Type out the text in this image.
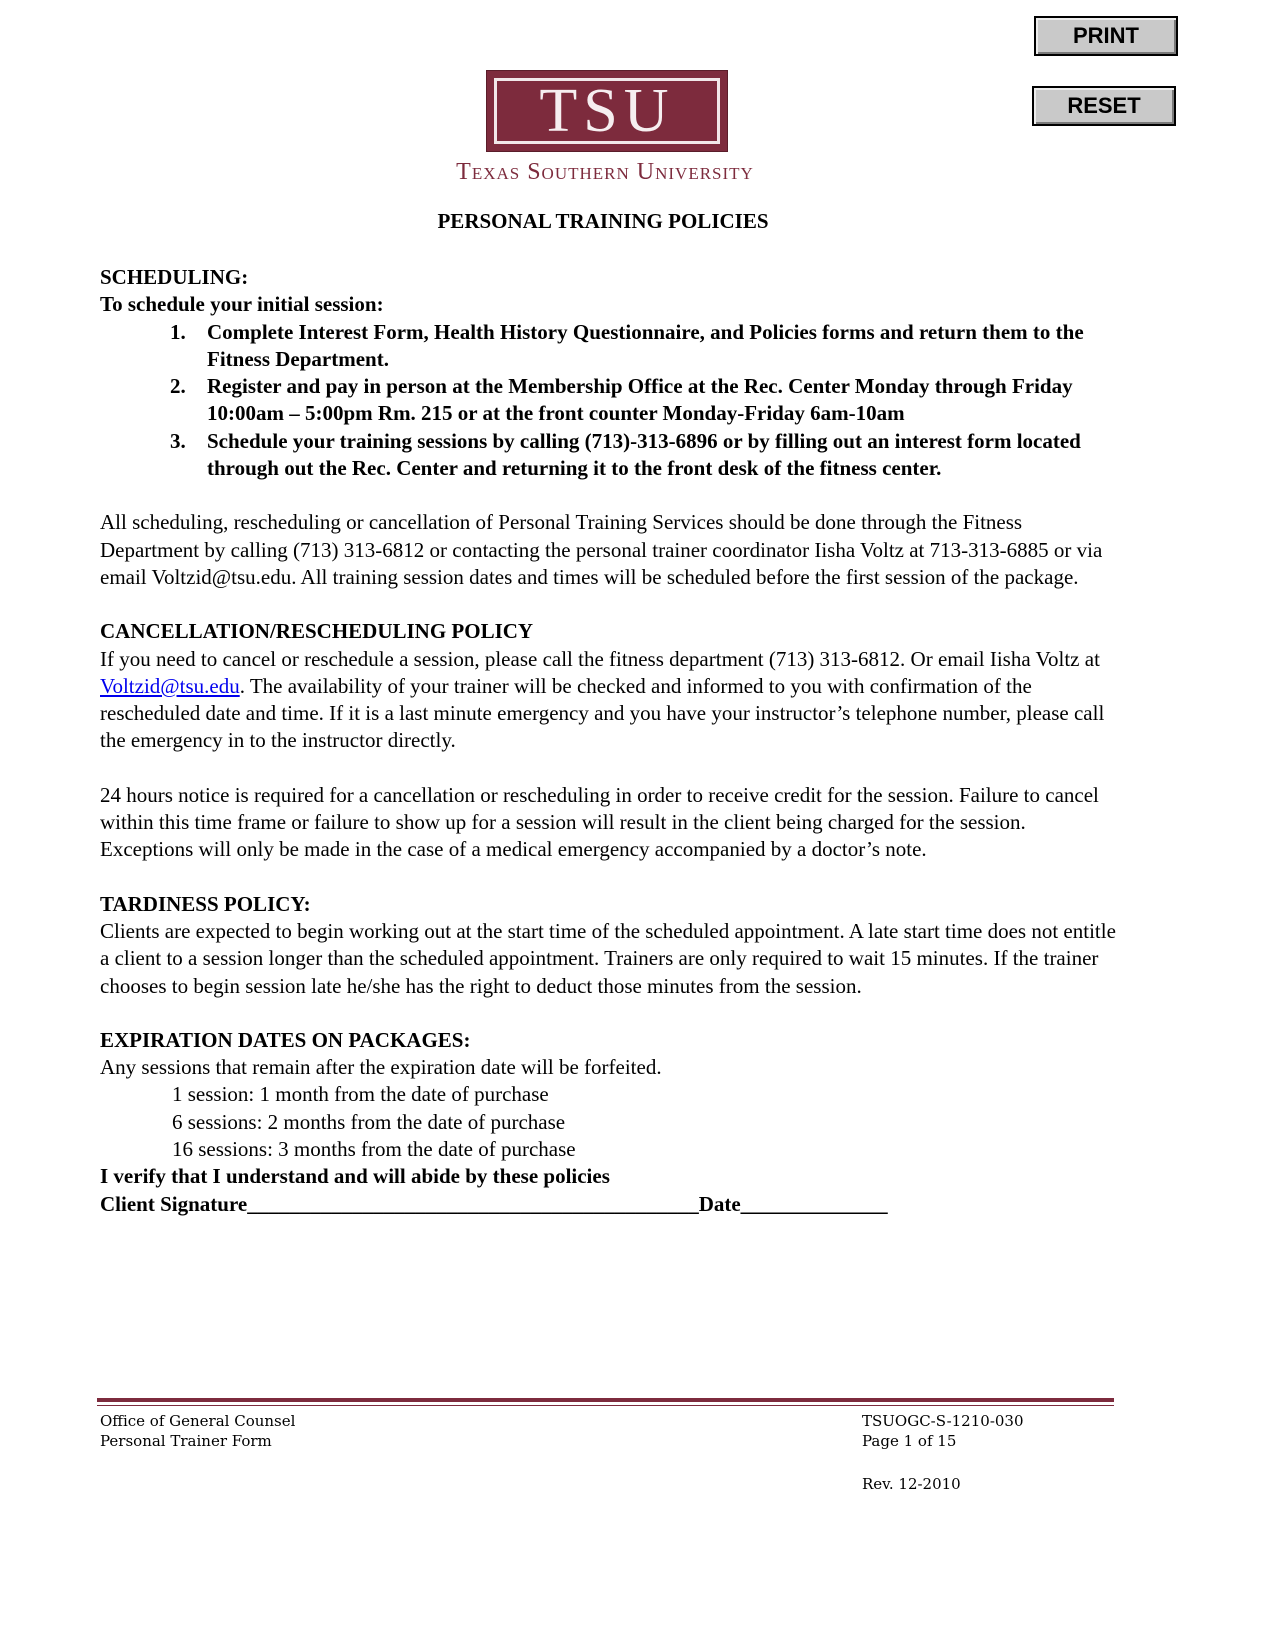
PRINT
RESET
TSU
Texas Southern University
PERSONAL TRAINING POLICIES

SCHEDULING:

To schedule your initial session:

1. Complete Interest Form, Health History Questionnaire, and Policies forms and return them to the Fitness Department.
2. Register and pay in person at the Membership Office at the Rec. Center Monday through Friday 10:00am – 5:00pm Rm. 215 or at the front counter Monday-Friday 6am-10am
3. Schedule your training sessions by calling (713)-313-6896 or by filling out an interest form located through out the Rec. Center and returning it to the front desk of the fitness center.

All scheduling, rescheduling or cancellation of Personal Training Services should be done through the Fitness Department by calling (713) 313-6812 or contacting the personal trainer coordinator Iisha Voltz at 713-313-6885 or via email Voltzid@tsu.edu. All training session dates and times will be scheduled before the first session of the package.

CANCELLATION/RESCHEDULING POLICY

If you need to cancel or reschedule a session, please call the fitness department (713) 313-6812. Or email Iisha Voltz at Voltzid@tsu.edu. The availability of your trainer will be checked and informed to you with confirmation of the rescheduled date and time. If it is a last minute emergency and you have your instructor’s telephone number, please call the emergency in to the instructor directly.

24 hours notice is required for a cancellation or rescheduling in order to receive credit for the session. Failure to cancel within this time frame or failure to show up for a session will result in the client being charged for the session. Exceptions will only be made in the case of a medical emergency accompanied by a doctor’s note.

TARDINESS POLICY:

Clients are expected to begin working out at the start time of the scheduled appointment. A late start time does not entitle a client to a session longer than the scheduled appointment. Trainers are only required to wait 15 minutes. If the trainer chooses to begin session late he/she has the right to deduct those minutes from the session.

EXPIRATION DATES ON PACKAGES:

Any sessions that remain after the expiration date will be forfeited.

1 session: 1 month from the date of purchase

6 sessions: 2 months from the date of purchase

16 sessions: 3 months from the date of purchase

I verify that I understand and will abide by these policies

Client Signature___________________________________________Date______________

Office of General Counsel
Personal Trainer Form
TSUOGC-S-1210-030
Page 1 of 15
Rev. 12-2010
